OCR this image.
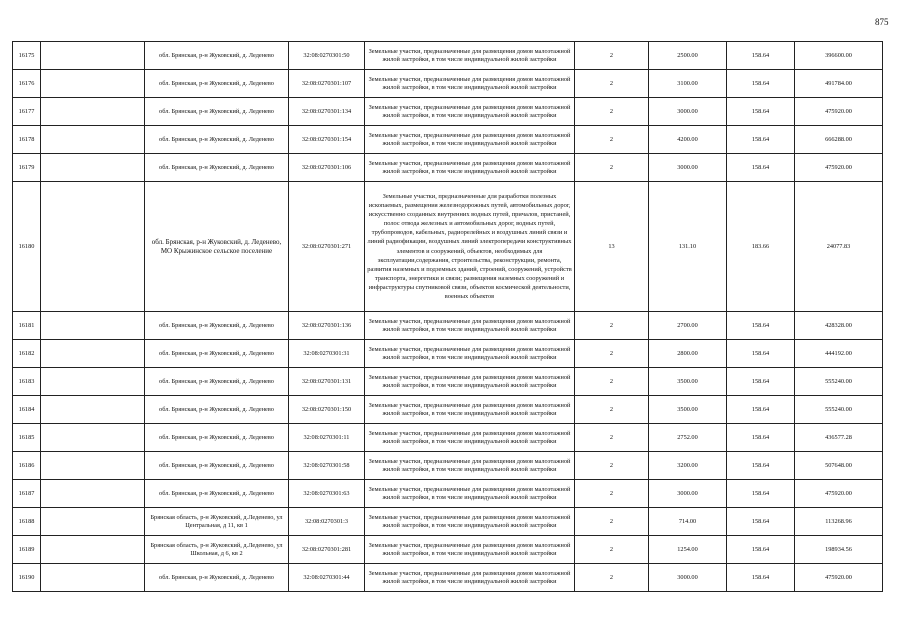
875
16175		обл. Брянская, р-н Жуковский, д. Леденево	32:08:0270301:50	Земельные участки, предназначенные для размещения домов малоэтажной жилой застройки, в том числе индивидуальной жилой застройки	2	2500.00	158.64	396600.00
16176		обл. Брянская, р-н Жуковский, д. Леденево	32:08:0270301:107	Земельные участки, предназначенные для размещения домов малоэтажной жилой застройки, в том числе индивидуальной жилой застройки	2	3100.00	158.64	491784.00
16177		обл. Брянская, р-н Жуковский, д. Леденево	32:08:0270301:134	Земельные участки, предназначенные для размещения домов малоэтажной жилой застройки, в том числе индивидуальной жилой застройки	2	3000.00	158.64	475920.00
16178		обл. Брянская, р-н Жуковский, д. Леденево	32:08:0270301:154	Земельные участки, предназначенные для размещения домов малоэтажной жилой застройки, в том числе индивидуальной жилой застройки	2	4200.00	158.64	666288.00
16179		обл. Брянская, р-н Жуковский, д. Леденево	32:08:0270301:106	Земельные участки, предназначенные для размещения домов малоэтажной жилой застройки, в том числе индивидуальной жилой застройки	2	3000.00	158.64	475920.00
16180		обл. Брянская, р-н Жуковский, д. Леденево, МО Крыжинское сельское поселение	32:08:0270301:271	Земельные участки, предназначенные для разработки полезных ископаемых, размещения железнодорожных путей, автомобильных дорог, искусственно созданных внутренних водных путей, причалов, пристаней, полос отвода железных и автомобильных дорог, водных путей, трубопроводов, кабельных, радиорелейных и воздушных линий связи и линий радиофикации, воздушных линий электропередачи конструктивных элементов и сооружений, объектов, необходимых для эксплуатации,содержания, строительства, реконструкции, ремонта, развития наземных и подземных зданий, строений, сооружений, устройств транспорта, энергетики и связи; размещения наземных сооружений и инфраструктуры спутниковой связи, объектов космической деятельности, военных объектов	13	131.10	183.66	24077.83
16181		обл. Брянская, р-н Жуковский, д. Леденево	32:08:0270301:136	Земельные участки, предназначенные для размещения домов малоэтажной жилой застройки, в том числе индивидуальной жилой застройки	2	2700.00	158.64	428328.00
16182		обл. Брянская, р-н Жуковский, д. Леденево	32:08:0270301:31	Земельные участки, предназначенные для размещения домов малоэтажной жилой застройки, в том числе индивидуальной жилой застройки	2	2800.00	158.64	444192.00
16183		обл. Брянская, р-н Жуковский, д. Леденево	32:08:0270301:131	Земельные участки, предназначенные для размещения домов малоэтажной жилой застройки, в том числе индивидуальной жилой застройки	2	3500.00	158.64	555240.00
16184		обл. Брянская, р-н Жуковский, д. Леденево	32:08:0270301:150	Земельные участки, предназначенные для размещения домов малоэтажной жилой застройки, в том числе индивидуальной жилой застройки	2	3500.00	158.64	555240.00
16185		обл. Брянская, р-н Жуковский, д. Леденево	32:08:0270301:11	Земельные участки, предназначенные для размещения домов малоэтажной жилой застройки, в том числе индивидуальной жилой застройки	2	2752.00	158.64	436577.28
16186		обл. Брянская, р-н Жуковский, д. Леденево	32:08:0270301:58	Земельные участки, предназначенные для размещения домов малоэтажной жилой застройки, в том числе индивидуальной жилой застройки	2	3200.00	158.64	507648.00
16187		обл. Брянская, р-н Жуковский, д. Леденево	32:08:0270301:63	Земельные участки, предназначенные для размещения домов малоэтажной жилой застройки, в том числе индивидуальной жилой застройки	2	3000.00	158.64	475920.00
16188		Брянская область, р-н Жуковский, д.Леденево, ул Центральная, д 11, кв 1	32:08:0270301:3	Земельные участки, предназначенные для размещения домов малоэтажной жилой застройки, в том числе индивидуальной жилой застройки	2	714.00	158.64	113268.96
16189		Брянская область, р-н Жуковский, д.Леденево, ул Школьная, д 6, кв 2	32:08:0270301:281	Земельные участки, предназначенные для размещения домов малоэтажной жилой застройки, в том числе индивидуальной жилой застройки	2	1254.00	158.64	198934.56
16190		обл. Брянская, р-н Жуковский, д. Леденево	32:08:0270301:44	Земельные участки, предназначенные для размещения домов малоэтажной жилой застройки, в том числе индивидуальной жилой застройки	2	3000.00	158.64	475920.00
